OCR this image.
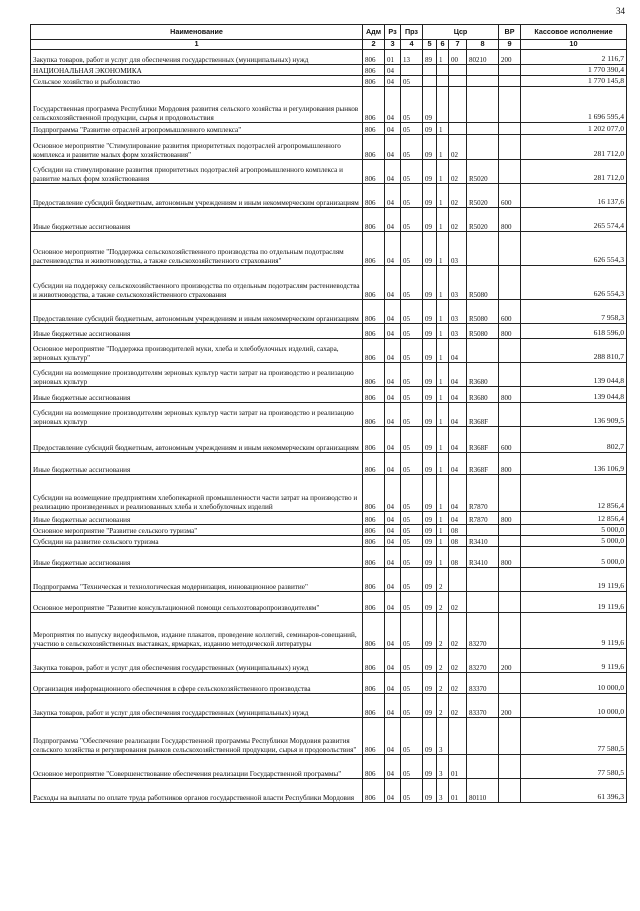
34
Наименование	Адм	Рз	Прз	Цср				ВР	Кассовое исполнение
1	2	3	4	5	6	7	8	9	10
Закупка товаров, работ и услуг для обеспечения государственных (муниципальных) нужд	806	01	13	89	1	00	80210	200	2 116,7
НАЦИОНАЛЬНАЯ ЭКОНОМИКА	806	04							1 770 390,4
Сельское хозяйство и рыболовство	806	04	05						1 770 145,8
Государственная программа Республики Мордовия развития сельского хозяйства и регулирования рынков сельскохозяйственной продукции, сырья и продовольствия	806	04	05	09					1 696 595,4
Подпрограмма "Развитие отраслей агропромышленного комплекса"	806	04	05	09	1				1 202 077,0
Основное мероприятие "Стимулирование развития приоритетных подотраслей агропромышленного комплекса и развитие малых форм хозяйствования"	806	04	05	09	1	02			281 712,0
Субсидии на стимулирование развития приоритетных подотраслей агропромышленного комплекса и развитие малых форм хозяйствования	806	04	05	09	1	02	R5020		281 712,0
Предоставление субсидий бюджетным, автономным учреждениям и иным некоммерческим организациям	806	04	05	09	1	02	R5020	600	16 137,6
Иные бюджетные ассигнования	806	04	05	09	1	02	R5020	800	265 574,4
Основное мероприятие "Поддержка сельскохозяйственного производства по отдельным подотраслям растениеводства и животноводства, а также сельскохозяйственного страхования"	806	04	05	09	1	03			626 554,3
Субсидии на поддержку сельскохозяйственного производства по отдельным подотраслям растениеводства и животноводства, а также сельскохозяйственного страхования	806	04	05	09	1	03	R5080		626 554,3
Предоставление субсидий бюджетным, автономным учреждениям и иным некоммерческим организациям	806	04	05	09	1	03	R5080	600	7 958,3
Иные бюджетные ассигнования	806	04	05	09	1	03	R5080	800	618 596,0
Основное мероприятие "Поддержка производителей муки, хлеба и хлебобулочных изделий, сахара, зерновых культур"	806	04	05	09	1	04			288 810,7
Субсидии на возмещение производителям зерновых культур части затрат на производство и реализацию зерновых культур	806	04	05	09	1	04	R3680		139 044,8
Иные бюджетные ассигнования	806	04	05	09	1	04	R3680	800	139 044,8
Субсидии на возмещение производителям зерновых культур части затрат на производство и реализацию зерновых культур	806	04	05	09	1	04	R368F		136 909,5
Предоставление субсидий бюджетным, автономным учреждениям и иным некоммерческим организациям	806	04	05	09	1	04	R368F	600	802,7
Иные бюджетные ассигнования	806	04	05	09	1	04	R368F	800	136 106,9
Субсидии на возмещение предприятиям хлебопекарной промышленности части затрат на производство и реализацию произведенных и реализованных хлеба и хлебобулочных изделий	806	04	05	09	1	04	R7870		12 856,4
Иные бюджетные ассигнования	806	04	05	09	1	04	R7870	800	12 856,4
Основное мероприятие "Развитие сельского туризма"	806	04	05	09	1	08			5 000,0
Субсидии на развитие сельского туризма	806	04	05	09	1	08	R3410		5 000,0
Иные бюджетные ассигнования	806	04	05	09	1	08	R3410	800	5 000,0
Подпрограмма "Техническая и технологическая модернизация, инновационное развитие"	806	04	05	09	2				19 119,6
Основное мероприятие "Развитие консультационной помощи сельхозтоваропроизводителям"	806	04	05	09	2	02			19 119,6
Мероприятия по выпуску видеофильмов, издание плакатов, проведение коллегий, семинаров-совещаний, участию в сельскохозяйственных выставках, ярмарках, изданию методической литературы	806	04	05	09	2	02	83270		9 119,6
Закупка товаров, работ и услуг для обеспечения государственных (муниципальных) нужд	806	04	05	09	2	02	83270	200	9 119,6
Организация информационного обеспечения в сфере сельскохозяйственного производства	806	04	05	09	2	02	83370		10 000,0
Закупка товаров, работ и услуг для обеспечения государственных (муниципальных) нужд	806	04	05	09	2	02	83370	200	10 000,0
Подпрограмма "Обеспечение реализации Государственной программы Республики Мордовия развития сельского хозяйства и регулирования рынков сельскохозяйственной продукции, сырья и продовольствия"	806	04	05	09	3				77 580,5
Основное мероприятие "Совершенствование обеспечения реализации Государственной программы"	806	04	05	09	3	01			77 580,5
Расходы на выплаты по оплате труда работников органов государственной власти Республики Мордовия	806	04	05	09	3	01	80110		61 396,3
